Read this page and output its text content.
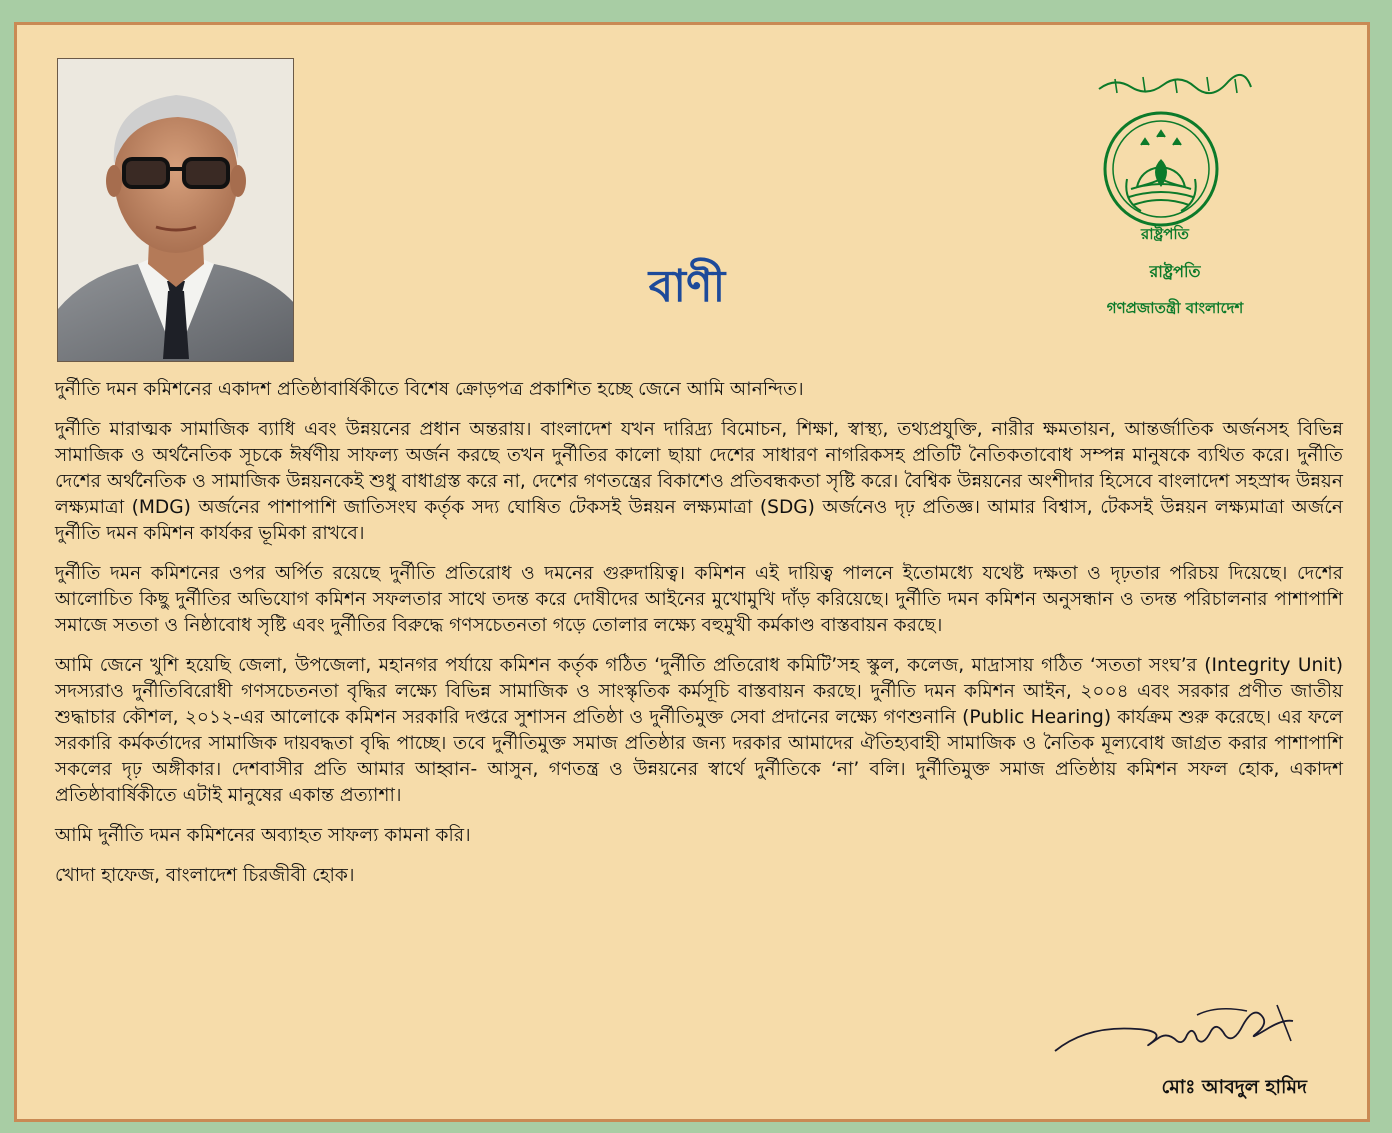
বাণী
রাষ্ট্রপতি
রাষ্ট্রপতি
গণপ্রজাতন্ত্রী বাংলাদেশ

দুর্নীতি দমন কমিশনের একাদশ প্রতিষ্ঠাবার্ষিকীতে বিশেষ ক্রোড়পত্র প্রকাশিত হচ্ছে জেনে আমি আনন্দিত।

দুর্নীতি মারাত্মক সামাজিক ব্যাধি এবং উন্নয়নের প্রধান অন্তরায়। বাংলাদেশ যখন দারিদ্র্য বিমোচন, শিক্ষা, স্বাস্থ্য, তথ্যপ্রযুক্তি, নারীর ক্ষমতায়ন, আন্তর্জাতিক অর্জনসহ বিভিন্ন সামাজিক ও অর্থনৈতিক সূচকে ঈর্ষণীয় সাফল্য অর্জন করছে তখন দুর্নীতির কালো ছায়া দেশের সাধারণ নাগরিকসহ প্রতিটি নৈতিকতাবোধ সম্পন্ন মানুষকে ব্যথিত করে। দুর্নীতি দেশের অর্থনৈতিক ও সামাজিক উন্নয়নকেই শুধু বাধাগ্রস্ত করে না, দেশের গণতন্ত্রের বিকাশেও প্রতিবন্ধকতা সৃষ্টি করে। বৈশ্বিক উন্নয়নের অংশীদার হিসেবে বাংলাদেশ সহস্রাব্দ উন্নয়ন লক্ষ্যমাত্রা (MDG) অর্জনের পাশাপাশি জাতিসংঘ কর্তৃক সদ্য ঘোষিত টেকসই উন্নয়ন লক্ষ্যমাত্রা (SDG) অর্জনেও দৃঢ় প্রতিজ্ঞ। আমার বিশ্বাস, টেকসই উন্নয়ন লক্ষ্যমাত্রা অর্জনে দুর্নীতি দমন কমিশন কার্যকর ভূমিকা রাখবে।

দুর্নীতি দমন কমিশনের ওপর অর্পিত রয়েছে দুর্নীতি প্রতিরোধ ও দমনের গুরুদায়িত্ব। কমিশন এই দায়িত্ব পালনে ইতোমধ্যে যথেষ্ট দক্ষতা ও দৃঢ়তার পরিচয় দিয়েছে। দেশের আলোচিত কিছু দুর্নীতির অভিযোগ কমিশন সফলতার সাথে তদন্ত করে দোষীদের আইনের মুখোমুখি দাঁড় করিয়েছে। দুর্নীতি দমন কমিশন অনুসন্ধান ও তদন্ত পরিচালনার পাশাপাশি সমাজে সততা ও নিষ্ঠাবোধ সৃষ্টি এবং দুর্নীতির বিরুদ্ধে গণসচেতনতা গড়ে তোলার লক্ষ্যে বহুমুখী কর্মকাণ্ড বাস্তবায়ন করছে।

আমি জেনে খুশি হয়েছি জেলা, উপজেলা, মহানগর পর্যায়ে কমিশন কর্তৃক গঠিত ‘দুর্নীতি প্রতিরোধ কমিটি’সহ স্কুল, কলেজ, মাদ্রাসায় গঠিত ‘সততা সংঘ’র (Integrity Unit) সদস্যরাও দুর্নীতিবিরোধী গণসচেতনতা বৃদ্ধির লক্ষ্যে বিভিন্ন সামাজিক ও সাংস্কৃতিক কর্মসূচি বাস্তবায়ন করছে। দুর্নীতি দমন কমিশন আইন, ২০০৪ এবং সরকার প্রণীত জাতীয় শুদ্ধাচার কৌশল, ২০১২-এর আলোকে কমিশন সরকারি দপ্তরে সুশাসন প্রতিষ্ঠা ও দুর্নীতিমুক্ত সেবা প্রদানের লক্ষ্যে গণশুনানি (Public Hearing) কার্যক্রম শুরু করেছে। এর ফলে সরকারি কর্মকর্তাদের সামাজিক দায়বদ্ধতা বৃদ্ধি পাচ্ছে। তবে দুর্নীতিমুক্ত সমাজ প্রতিষ্ঠার জন্য দরকার আমাদের ঐতিহ্যবাহী সামাজিক ও নৈতিক মূল্যবোধ জাগ্রত করার পাশাপাশি সকলের দৃঢ় অঙ্গীকার। দেশবাসীর প্রতি আমার আহ্বান- আসুন, গণতন্ত্র ও উন্নয়নের স্বার্থে দুর্নীতিকে ‘না’ বলি। দুর্নীতিমুক্ত সমাজ প্রতিষ্ঠায় কমিশন সফল হোক, একাদশ প্রতিষ্ঠাবার্ষিকীতে এটাই মানুষের একান্ত প্রত্যাশা।

আমি দুর্নীতি দমন কমিশনের অব্যাহত সাফল্য কামনা করি।

খোদা হাফেজ, বাংলাদেশ চিরজীবী হোক।

মোঃ আবদুল হামিদ
